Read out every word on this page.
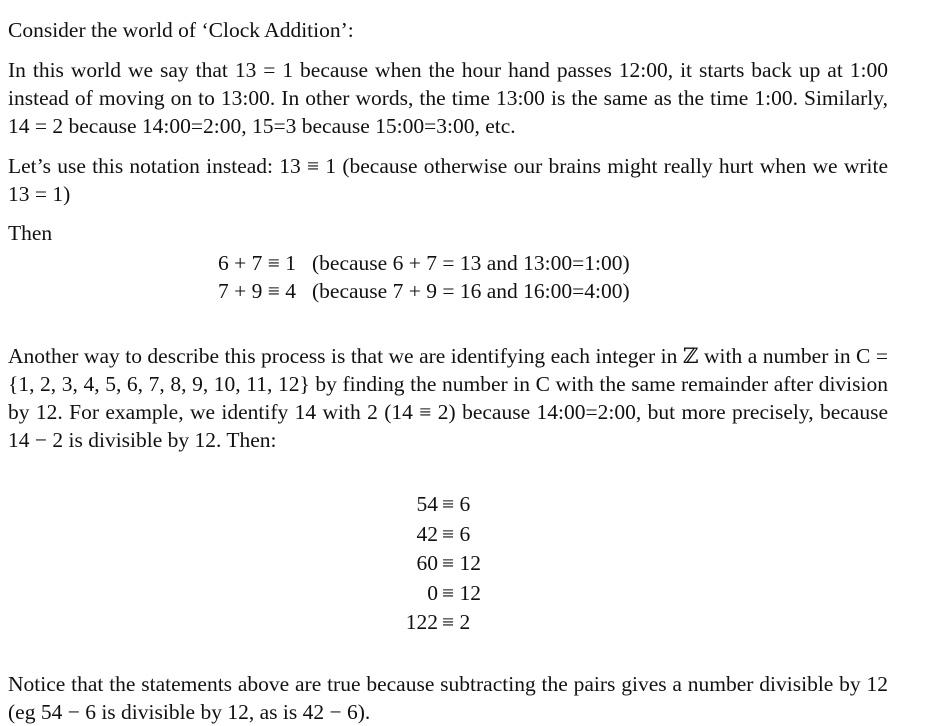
Consider the world of ‘Clock Addition’:

In this world we say that 13 = 1 because when the hour hand passes 12:00, it starts back up at 1:00 instead of moving on to 13:00. In other words, the time 13:00 is the same as the time 1:00. Similarly, 14 = 2 because 14:00=2:00, 15=3 because 15:00=3:00, etc.

Let’s use this notation instead: 13 ≡ 1 (because otherwise our brains might really hurt when we write 13 = 1)

Then

6 + 7 ≡ 1 (because 6 + 7 = 13 and 13:00=1:00)
7 + 9 ≡ 4 (because 7 + 9 = 16 and 16:00=4:00)

Another way to describe this process is that we are identifying each integer in ℤ with a number in C = {1, 2, 3, 4, 5, 6, 7, 8, 9, 10, 11, 12} by finding the number in C with the same remainder after division by 12. For example, we identify 14 with 2 (14 ≡ 2) because 14:00=2:00, but more precisely, because 14 − 2 is divisible by 12. Then:

54 ≡ 6
42 ≡ 6
60 ≡ 12
0 ≡ 12
122 ≡ 2

Notice that the statements above are true because subtracting the pairs gives a number divisible by 12 (eg 54 − 6 is divisible by 12, as is 42 − 6).
